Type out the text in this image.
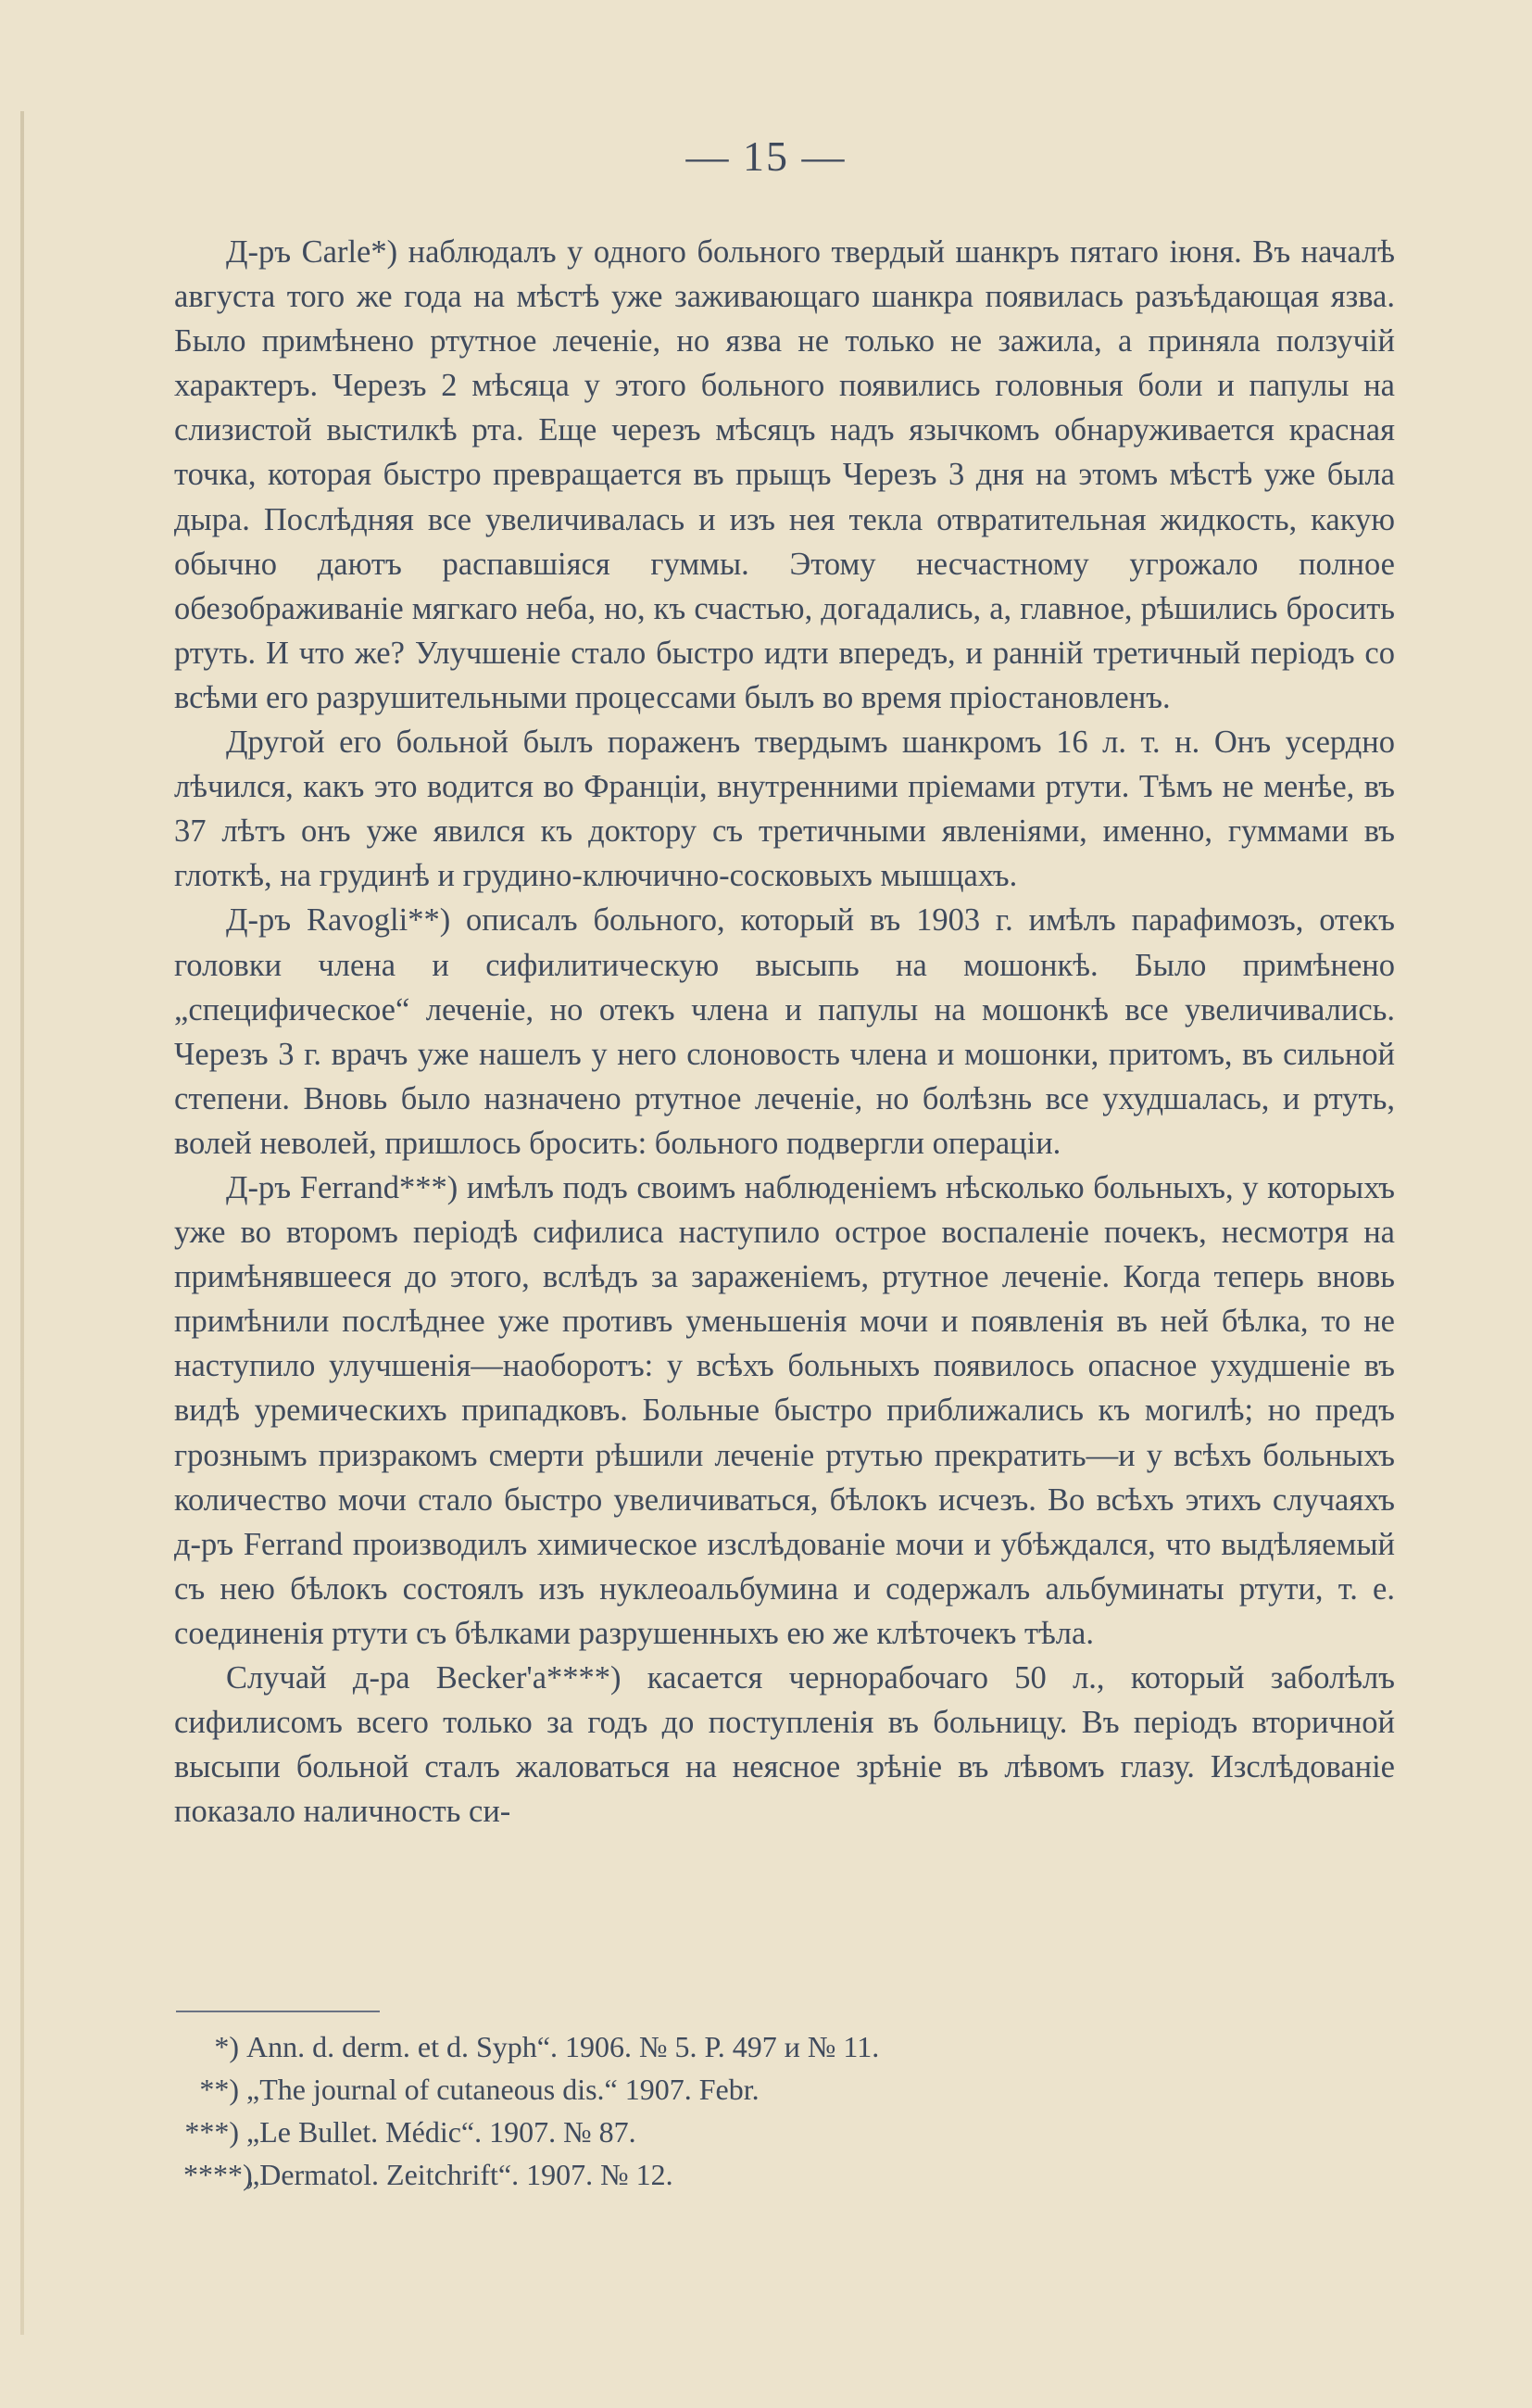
— 15 —

Д-ръ Carle*) наблюдалъ у одного больного твердый шанкръ пятаго іюня. Въ началѣ августа того же года на мѣстѣ уже заживающаго шанкра появилась разъѣдающая язва. Было примѣнено ртутное леченіе, но язва не только не зажила, а приняла ползучій характеръ. Черезъ 2 мѣсяца у этого больного появились головныя боли и папулы на слизистой выстилкѣ рта. Еще черезъ мѣсяцъ надъ язычкомъ обнаруживается красная точка, которая быстро превращается въ прыщъ Черезъ 3 дня на этомъ мѣстѣ уже была дыра. Послѣдняя все увеличивалась и изъ нея текла отвратительная жидкость, какую обычно даютъ распавшіяся гуммы. Этому несчастному угрожало полное обезображиваніе мягкаго неба, но, къ счастью, догадались, а, главное, рѣшились бросить ртуть. И что же? Улучшеніе стало быстро идти впередъ, и ранній третичный періодъ со всѣми его разрушительными процессами былъ во время пріостановленъ.

Другой его больной былъ пораженъ твердымъ шанкромъ 16 л. т. н. Онъ усердно лѣчился, какъ это водится во Франціи, внутренними пріемами ртути. Тѣмъ не менѣе, въ 37 лѣтъ онъ уже явился къ доктору съ третичными явленіями, именно, гуммами въ глоткѣ, на грудинѣ и грудино-ключично-сосковыхъ мышцахъ.

Д-ръ Ravogli**) описалъ больного, который въ 1903 г. имѣлъ парафимозъ, отекъ головки члена и сифилитическую высыпь на мошонкѣ. Было примѣнено „специфическое“ леченіе, но отекъ члена и папулы на мошонкѣ все увеличивались. Черезъ 3 г. врачъ уже нашелъ у него слоновость члена и мошонки, притомъ, въ сильной степени. Вновь было назначено ртутное леченіе, но болѣзнь все ухудшалась, и ртуть, волей неволей, пришлось бросить: больного подвергли операціи.

Д-ръ Ferrand***) имѣлъ подъ своимъ наблюденіемъ нѣсколько больныхъ, у которыхъ уже во второмъ періодѣ сифилиса наступило острое воспаленіе почекъ, несмотря на примѣнявшееся до этого, вслѣдъ за зараженіемъ, ртутное леченіе. Когда теперь вновь примѣнили послѣднее уже противъ уменьшенія мочи и появленія въ ней бѣлка, то не наступило улучшенія—наоборотъ: у всѣхъ больныхъ появилось опасное ухудшеніе въ видѣ уремическихъ припадковъ. Больные быстро приближались къ могилѣ; но предъ грознымъ призракомъ смерти рѣшили леченіе ртутью прекратить—и у всѣхъ больныхъ количество мочи стало быстро увеличиваться, бѣлокъ исчезъ. Во всѣхъ этихъ случаяхъ д-ръ Ferrand производилъ химическое изслѣдованіе мочи и убѣждался, что выдѣляемый съ нею бѣлокъ состоялъ изъ нуклеоальбумина и содержалъ альбуминаты ртути, т. е. соединенія ртути съ бѣлками разрушенныхъ ею же клѣточекъ тѣла.

Случай д-ра Becker'a****) касается чернорабочаго 50 л., который заболѣлъ сифилисомъ всего только за годъ до поступленія въ больницу. Въ періодъ вторичной высыпи больной сталъ жаловаться на неясное зрѣніе въ лѣвомъ глазу. Изслѣдованіе показало наличность си-

*) Ann. d. derm. et d. Syph“. 1906. № 5. P. 497 и № 11.
**) „The journal of cutaneous dis.“ 1907. Febr.
***) „Le Bullet. Médic“. 1907. № 87.
****)„Dermatol. Zeitchrift“. 1907. № 12.
